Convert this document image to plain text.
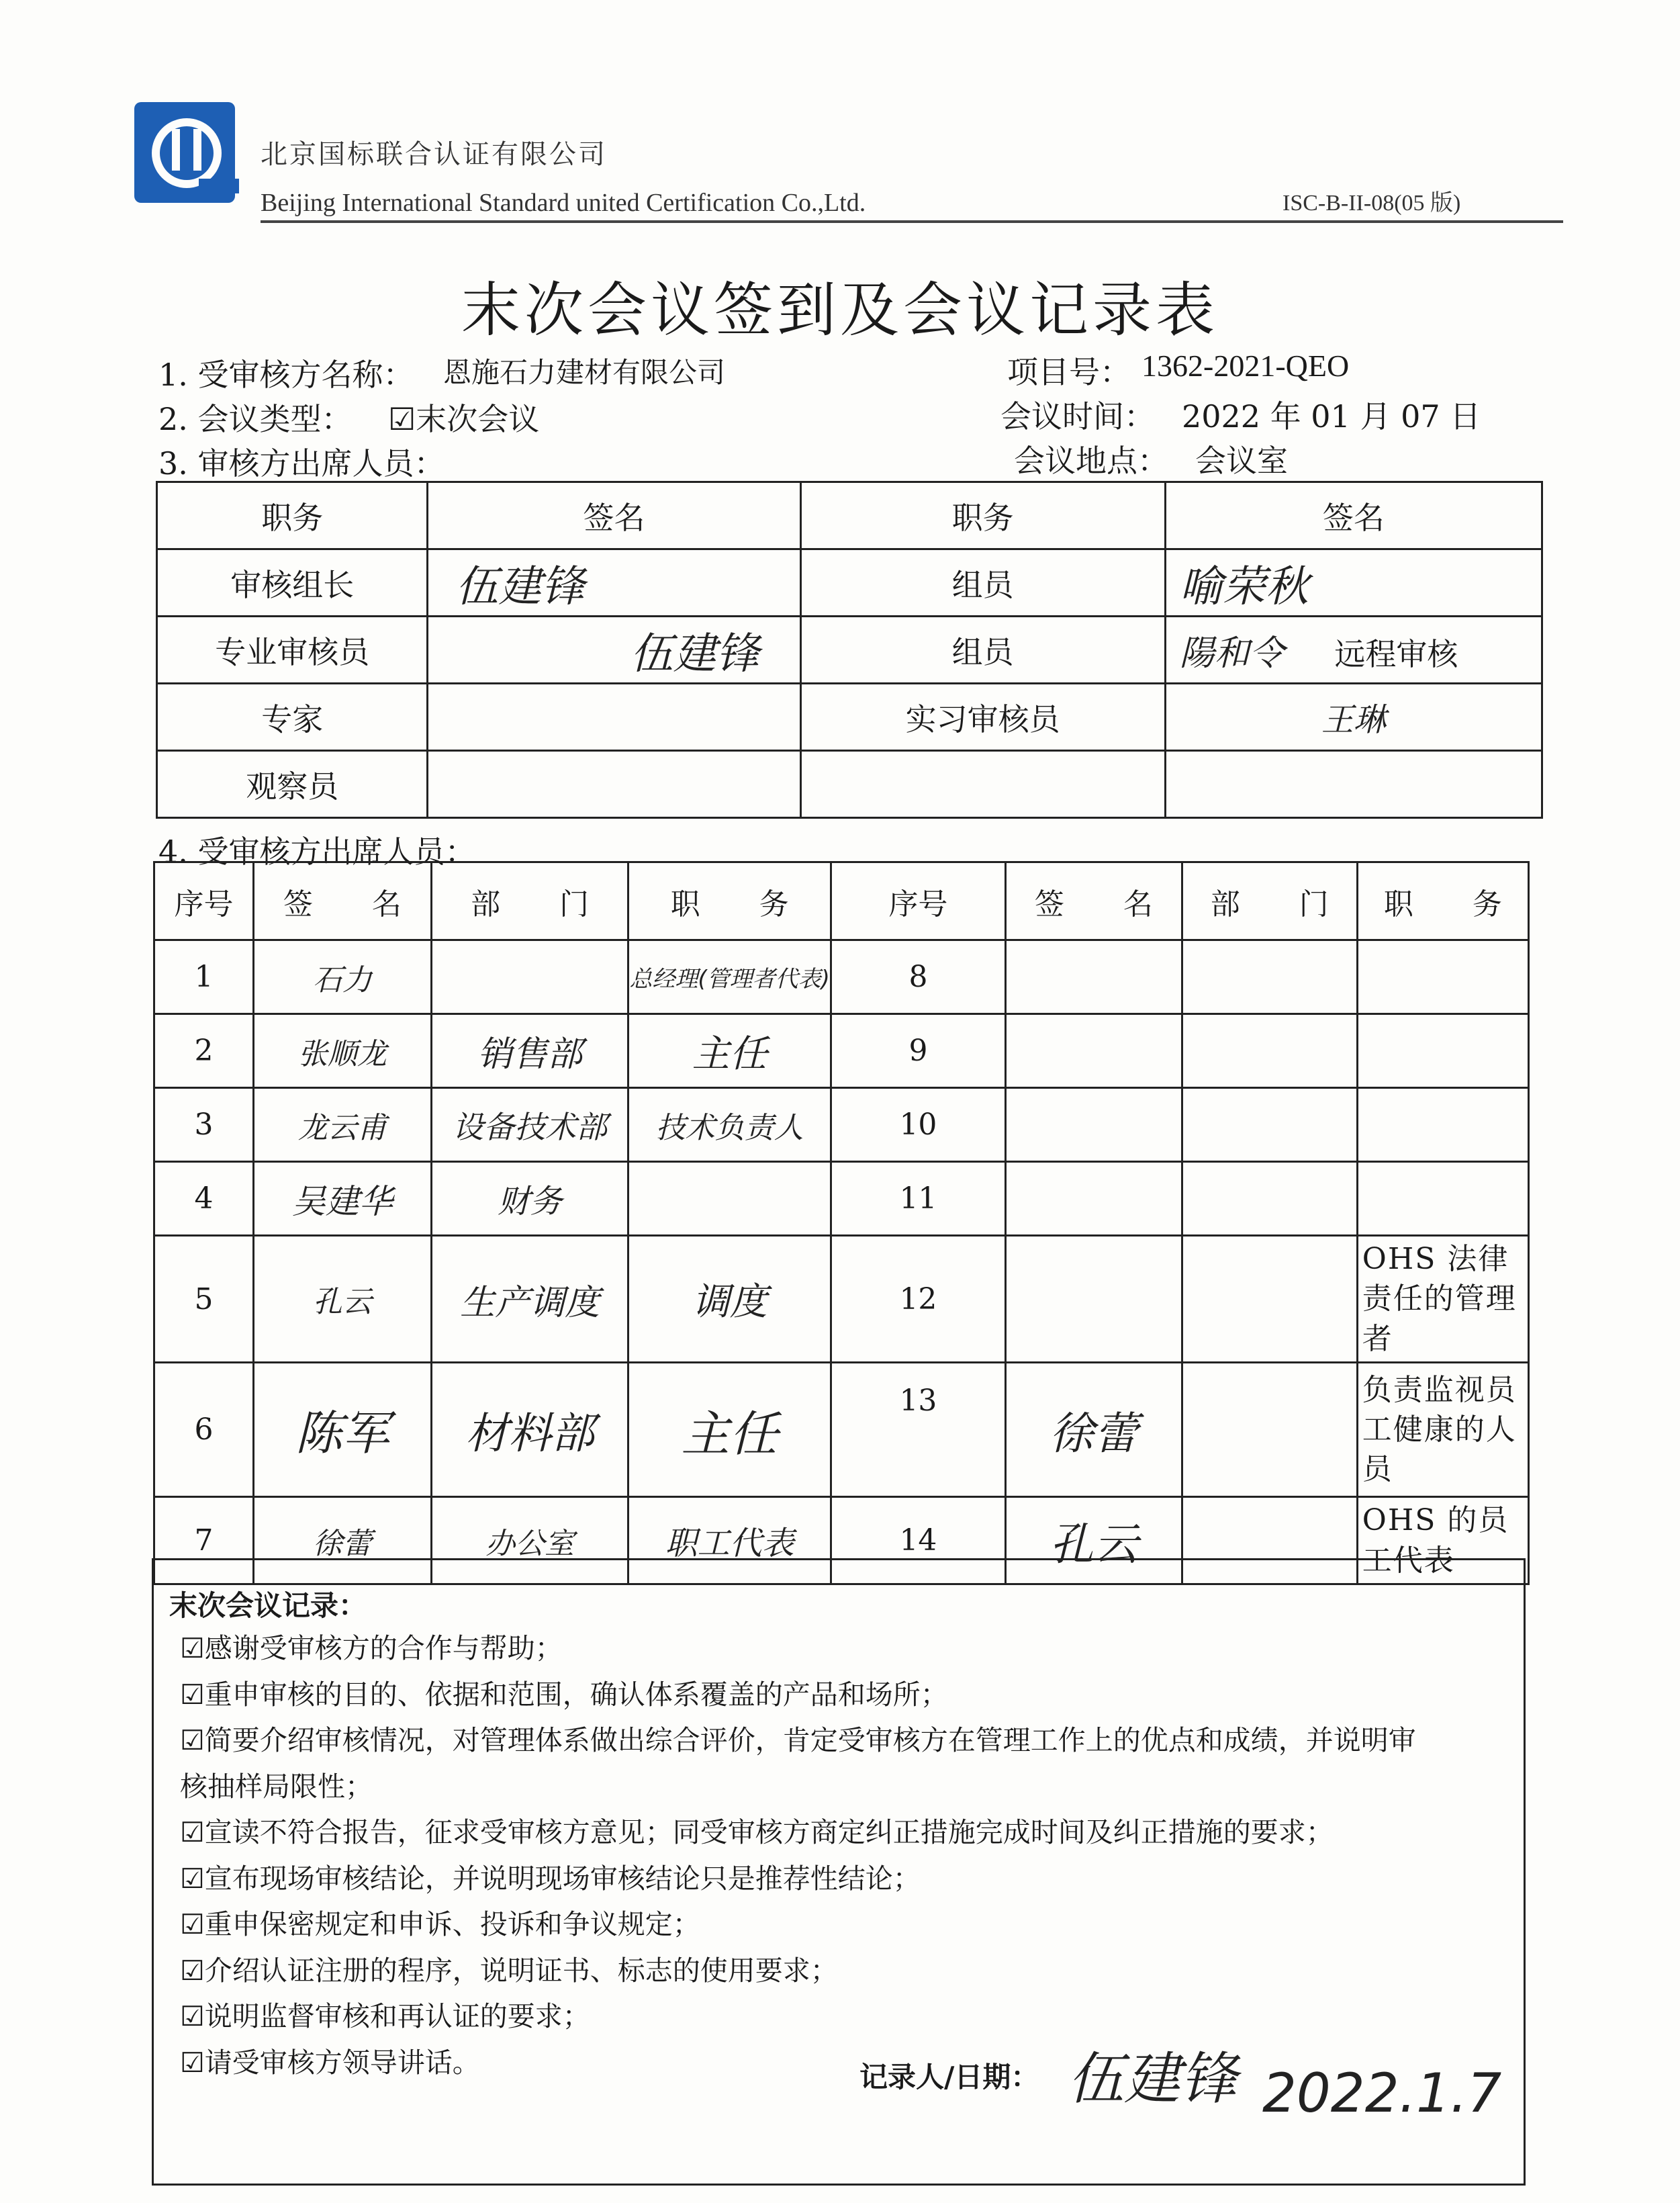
北京国标联合认证有限公司
Beijing International Standard united Certification Co.,Ltd.	ISC-B-II-08(05 版)
末次会议签到及会议记录表
1. 受审核方名称： 恩施石力建材有限公司	项目号： 1362-2021-QEO
2. 会议类型： ☑末次会议	会议时间： 2022 年 01 月 07 日
3. 审核方出席人员：	会议地点： 会议室
职务	签名	职务	签名
审核组长	伍建锋	组员	喻荣秋
专业审核员	伍建锋	组员	陽和令 远程审核
专家		实习审核员	王琳
观察员			
4. 受审核方出席人员：
序号	签　　名	部　　门	职　　务	序号	签　　名	部　　门	职　　务
1	石力		总经理(管理者代表)	8			
2	张顺龙	销售部	主任	9			
3	龙云甫	设备技术部	技术负责人	10			
4	吴建华	财务		11			
5	孔云	生产调度	调度	12			OHS 法律责任的管理者
6	陈军	材料部	主任	13	徐蕾		负责监视员工健康的人员
7	徐蕾	办公室	职工代表	14	孔云		OHS 的员工代表
末次会议记录：
☑感谢受审核方的合作与帮助；
☑重申审核的目的、依据和范围，确认体系覆盖的产品和场所；
☑简要介绍审核情况，对管理体系做出综合评价，肯定受审核方在管理工作上的优点和成绩，并说明审
核抽样局限性；
☑宣读不符合报告，征求受审核方意见；同受审核方商定纠正措施完成时间及纠正措施的要求；
☑宣布现场审核结论，并说明现场审核结论只是推荐性结论；
☑重申保密规定和申诉、投诉和争议规定；
☑介绍认证注册的程序，说明证书、标志的使用要求；
☑说明监督审核和再认证的要求；
☑请受审核方领导讲话。	记录人/日期： 伍建锋 2022.1.7
